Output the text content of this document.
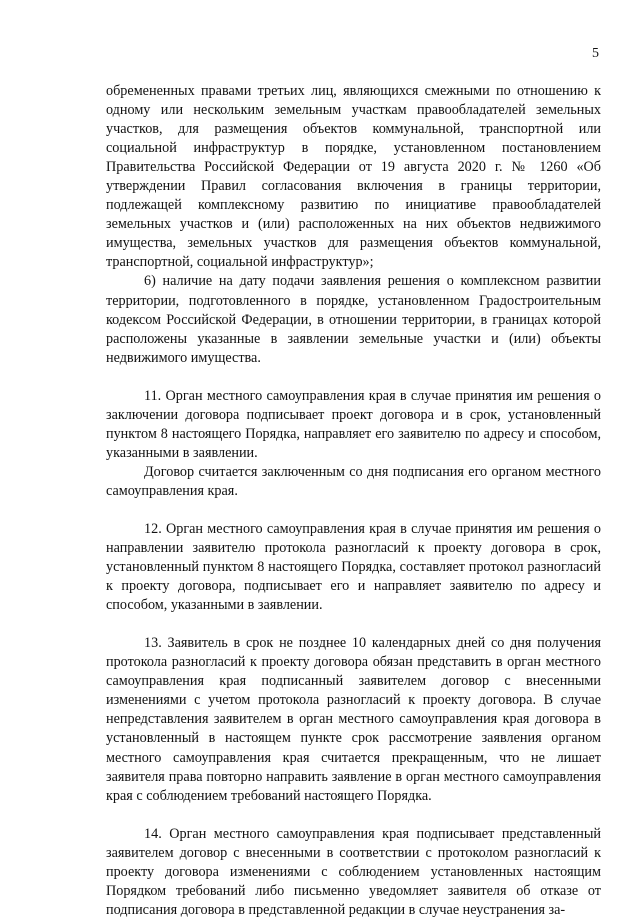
5

обремененных правами третьих лиц, являющихся смежными по отношению к одному или нескольким земельным участкам правообладателей земельных участков, для размещения объектов коммунальной, транспортной или социальной инфраструктур в порядке, установленном постановлением Правительства Российской Федерации от 19 августа 2020 г. № 1260 «Об утверждении Правил согласования включения в границы территории, подлежащей комплексному развитию по инициативе правообладателей земельных участков и (или) расположенных на них объектов недвижимого имущества, земельных участков для размещения объектов коммунальной, транспортной, социальной инфраструктур»;

6) наличие на дату подачи заявления решения о комплексном развитии территории, подготовленного в порядке, установленном Градостроительным кодексом Российской Федерации, в отношении территории, в границах которой расположены указанные в заявлении земельные участки и (или) объекты недвижимого имущества.

11. Орган местного самоуправления края в случае принятия им решения о заключении договора подписывает проект договора и в срок, установленный пунктом 8 настоящего Порядка, направляет его заявителю по адресу и способом, указанными в заявлении.

Договор считается заключенным со дня подписания его органом местного самоуправления края.

12. Орган местного самоуправления края в случае принятия им решения о направлении заявителю протокола разногласий к проекту договора в срок, установленный пунктом 8 настоящего Порядка, составляет протокол разногласий к проекту договора, подписывает его и направляет заявителю по адресу и способом, указанными в заявлении.

13. Заявитель в срок не позднее 10 календарных дней со дня получения протокола разногласий к проекту договора обязан представить в орган местного самоуправления края подписанный заявителем договор с внесенными изменениями с учетом протокола разногласий к проекту договора. В случае непредставления заявителем в орган местного самоуправления края договора в установленный в настоящем пункте срок рассмотрение заявления органом местного самоуправления края считается прекращенным, что не лишает заявителя права повторно направить заявление в орган местного самоуправления края с соблюдением требований настоящего Порядка.

14. Орган местного самоуправления края подписывает представленный заявителем договор с внесенными в соответствии с протоколом разногласий к проекту договора изменениями с соблюдением установленных настоящим Порядком требований либо письменно уведомляет заявителя об отказе от подписания договора в представленной редакции в случае неустранения за-
